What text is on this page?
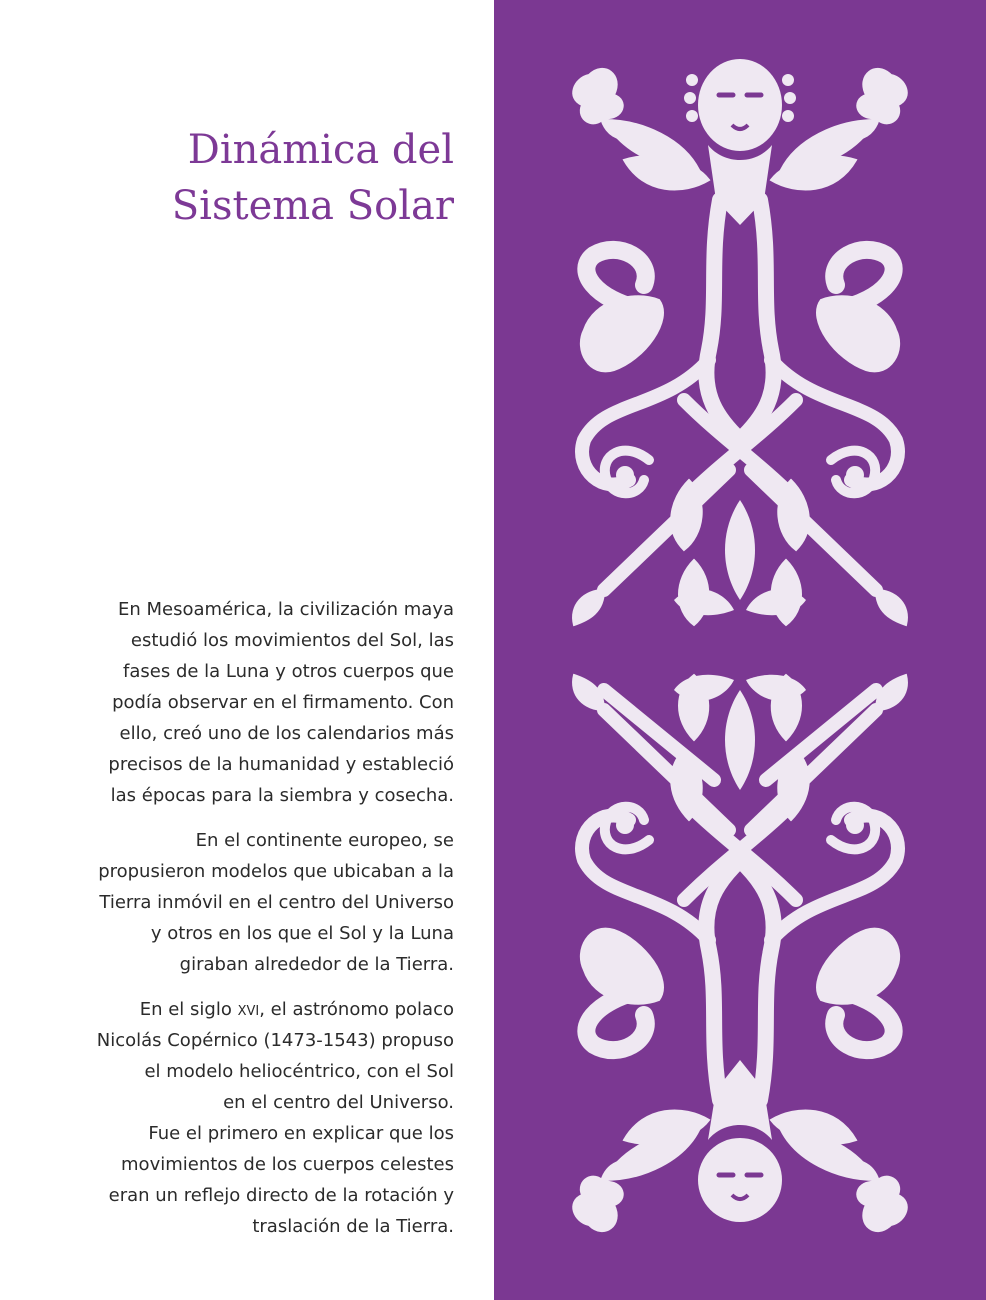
Dinámica del
Sistema Solar

En Mesoamérica, la civilización maya
estudió los movimientos del Sol, las
fases de la Luna y otros cuerpos que
podía observar en el firmamento. Con
ello, creó uno de los calendarios más
precisos de la humanidad y estableció
las épocas para la siembra y cosecha.

En el continente europeo, se
propusieron modelos que ubicaban a la
Tierra inmóvil en el centro del Universo
y otros en los que el Sol y la Luna
giraban alrededor de la Tierra.

En el siglo xvi, el astrónomo polaco
Nicolás Copérnico (1473-1543) propuso
el modelo heliocéntrico, con el Sol
en el centro del Universo.
Fue el primero en explicar que los
movimientos de los cuerpos celestes
eran un reflejo directo de la rotación y
traslación de la Tierra.
